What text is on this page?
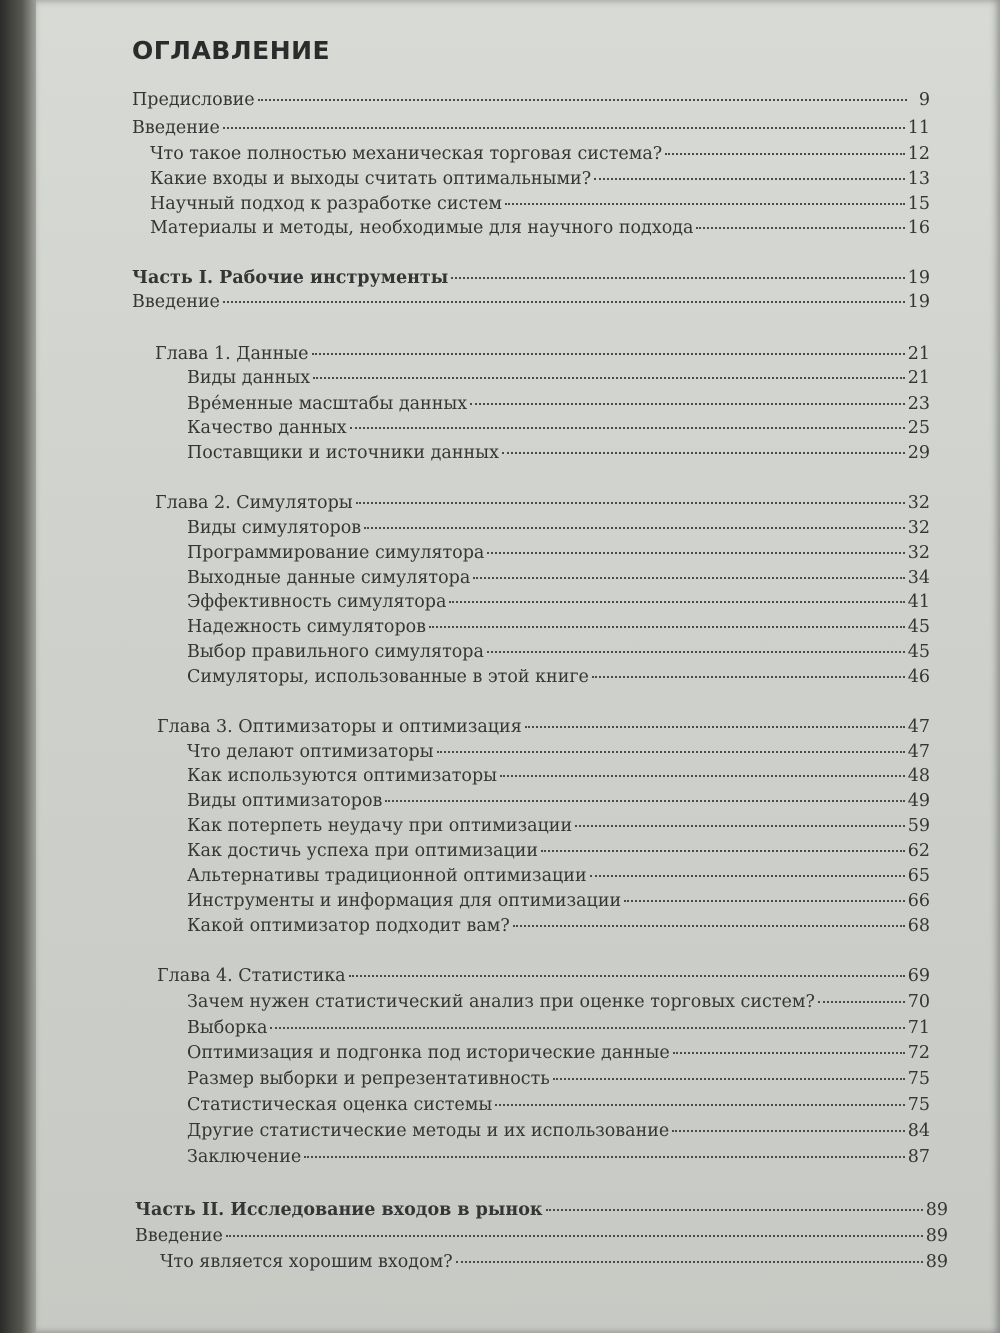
ОГЛАВЛЕНИЕ
Предисловие	9
Введение	11
Что такое полностью механическая торговая система?	12
Какие входы и выходы считать оптимальными?	13
Научный подход к разработке систем	15
Материалы и методы, необходимые для научного подхода	16
Часть I. Рабочие инструменты	19
Введение	19
Глава 1. Данные	21
Виды данных	21
Вре́менные масштабы данных	23
Качество данных	25
Поставщики и источники данных	29
Глава 2. Симуляторы	32
Виды симуляторов	32
Программирование симулятора	32
Выходные данные симулятора	34
Эффективность симулятора	41
Надежность симуляторов	45
Выбор правильного симулятора	45
Симуляторы, использованные в этой книге	46
Глава 3. Оптимизаторы и оптимизация	47
Что делают оптимизаторы	47
Как используются оптимизаторы	48
Виды оптимизаторов	49
Как потерпеть неудачу при оптимизации	59
Как достичь успеха при оптимизации	62
Альтернативы традиционной оптимизации	65
Инструменты и информация для оптимизации	66
Какой оптимизатор подходит вам?	68
Глава 4. Статистика	69
Зачем нужен статистический анализ при оценке торговых систем?	70
Выборка	71
Оптимизация и подгонка под исторические данные	72
Размер выборки и репрезентативность	75
Статистическая оценка системы	75
Другие статистические методы и их использование	84
Заключение	87
Часть II. Исследование входов в рынок	89
Введение	89
Что является хорошим входом?	89
